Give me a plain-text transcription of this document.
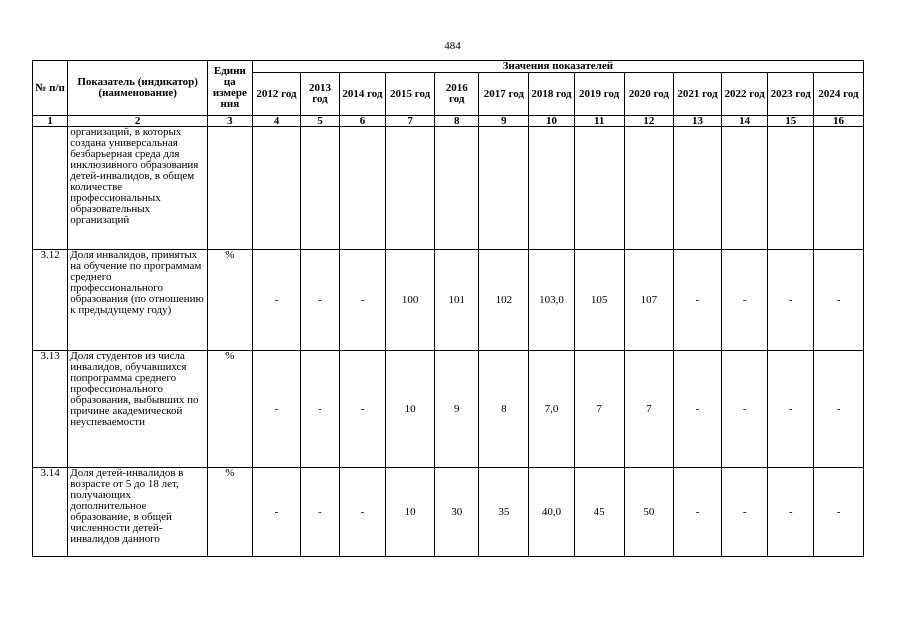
484
№ п/п	Показатель (индикатор) (наименование)	Едини ца измере ния	Значения показателей												
			2012 год	2013 год	2014 год	2015 год	2016 год	2017 год	2018 год	2019 год	2020 год	2021 год	2022 год	2023 год	2024 год
1	2	3	4	5	6	7	8	9	10	11	12	13	14	15	16
	организаций, в которых создана универсальная безбарьерная среда для инклюзивного образования детей-инвалидов, в общем количестве профессиональных образовательных организаций														
3.12	Доля инвалидов, принятых на обучение по программам среднего профессионального образования (по отношению к предыдущему году)	%	-	-	-	100	101	102	103,0	105	107	-	-	-	-
3.13	Доля студентов из числа инвалидов, обучавшихся попрограмма среднего профессионального образования, выбывших по причине академической неуспеваемости	%	-	-	-	10	9	8	7,0	7	7	-	-	-	-
3.14	Доля детей-инвалидов в возрасте от 5 до 18 лет, получающих дополнительное образование, в общей численности детей-инвалидов данного	%	-	-	-	10	30	35	40,0	45	50	-	-	-	-
